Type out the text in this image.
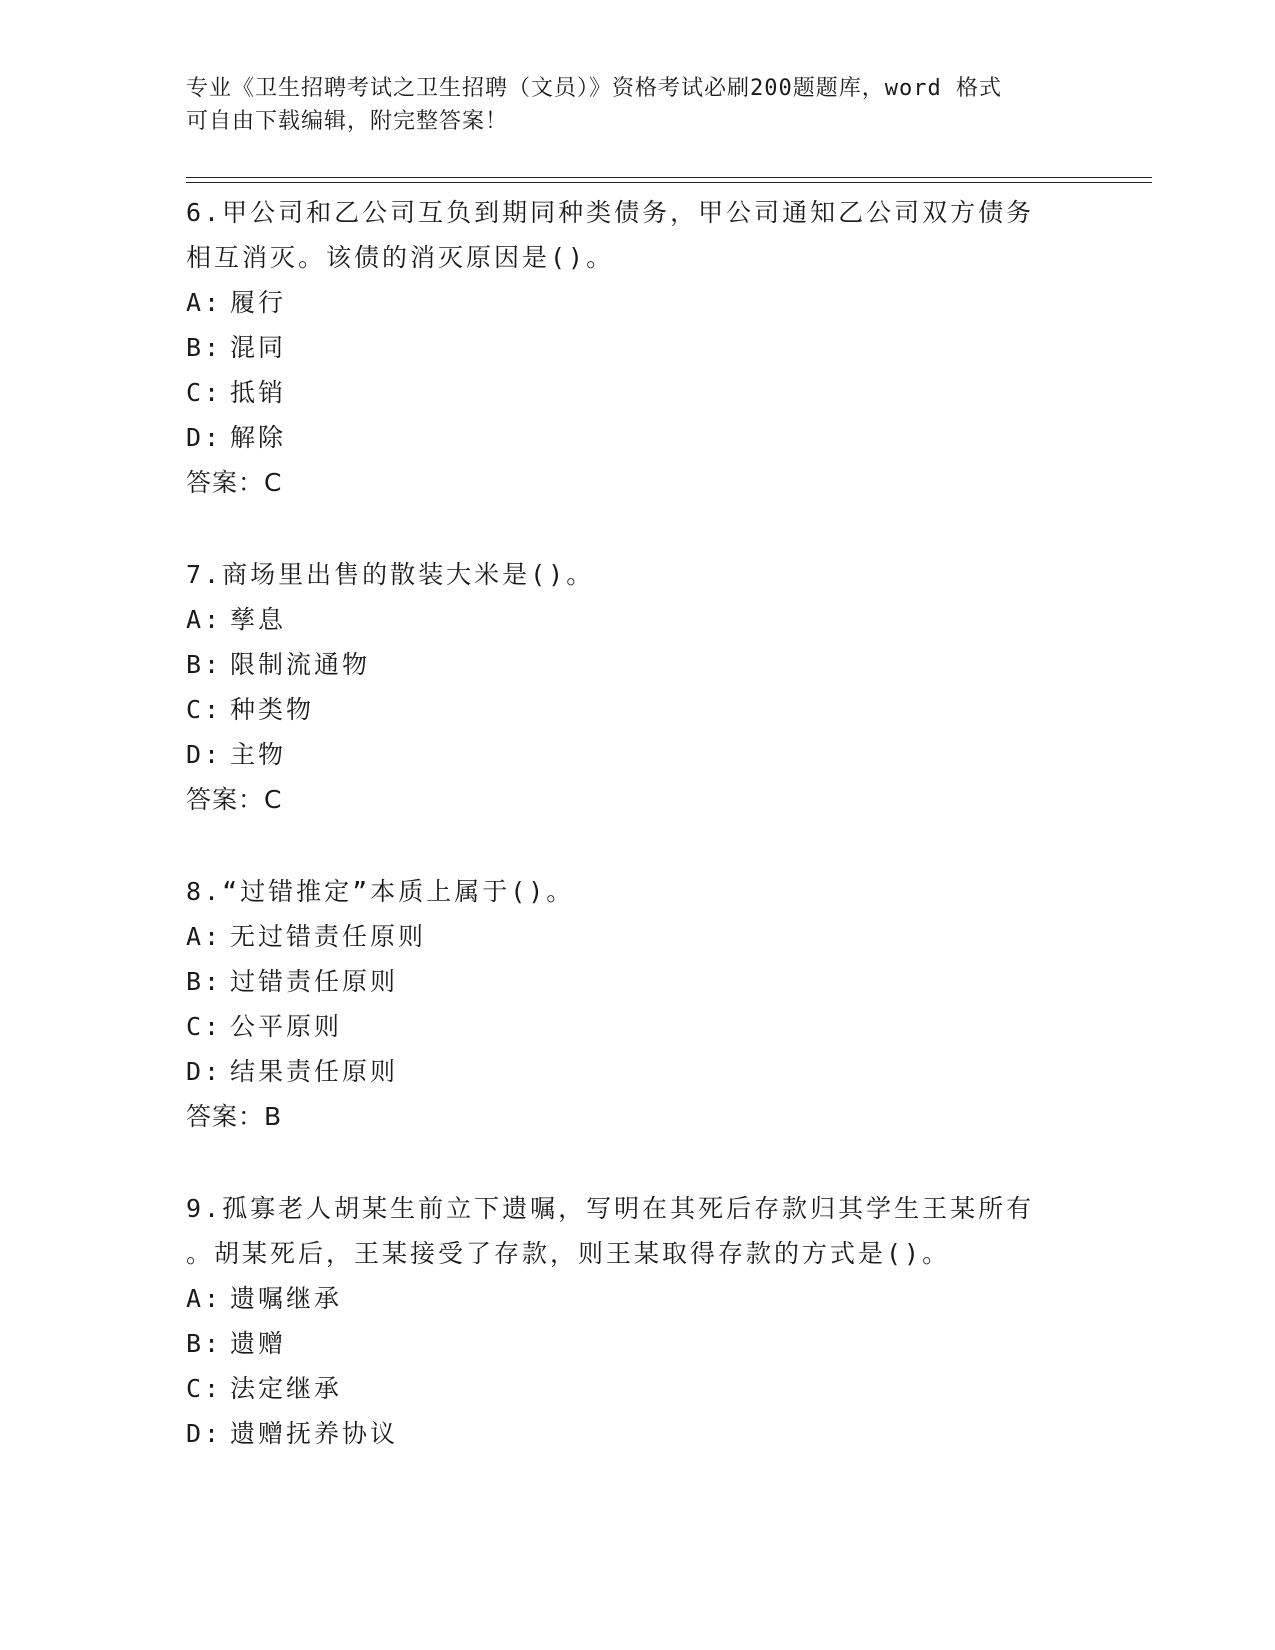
专业《卫生招聘考试之卫生招聘（文员）》资格考试必刷200题题库，word 格式
可自由下载编辑，附完整答案！
6.甲公司和乙公司互负到期同种类债务，甲公司通知乙公司双方债务
相互消灭。该债的消灭原因是()。
A: 履行
B: 混同
C: 抵销
D: 解除
答案：C
7.商场里出售的散装大米是()。
A: 孳息
B: 限制流通物
C: 种类物
D: 主物
答案：C
8.“过错推定”本质上属于()。
A: 无过错责任原则
B: 过错责任原则
C: 公平原则
D: 结果责任原则
答案：B
9.孤寡老人胡某生前立下遗嘱，写明在其死后存款归其学生王某所有
。胡某死后，王某接受了存款，则王某取得存款的方式是()。
A: 遗嘱继承
B: 遗赠
C: 法定继承
D: 遗赠抚养协议
